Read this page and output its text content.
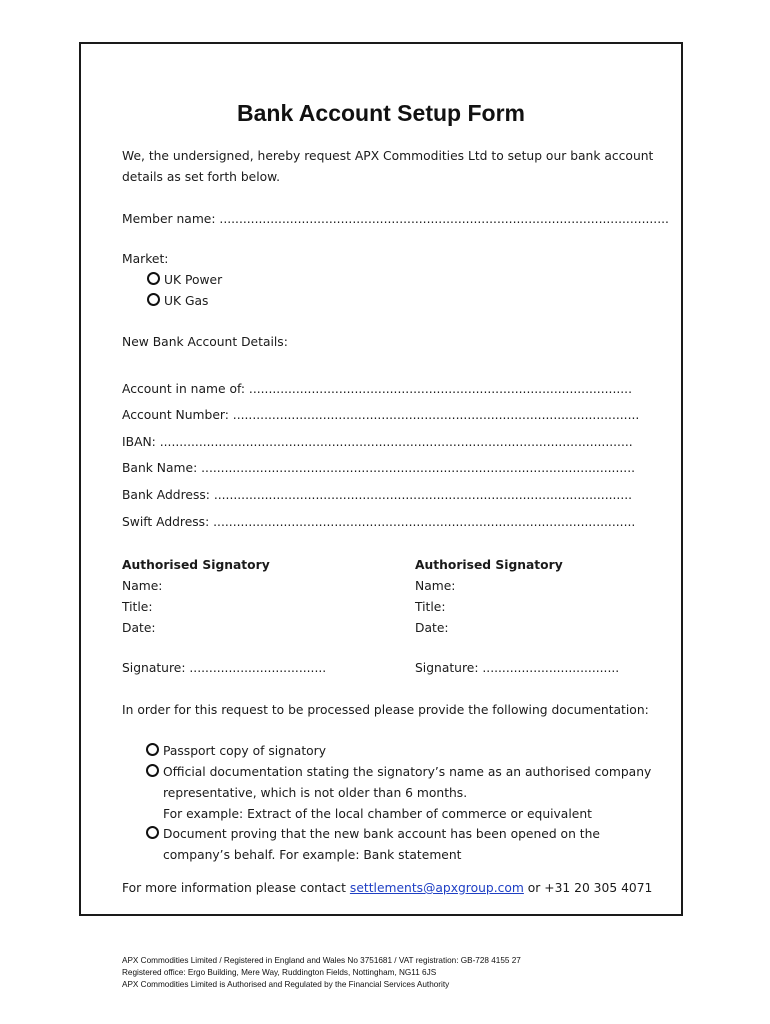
Bank Account Setup Form
We, the undersigned, hereby request APX Commodities Ltd to setup our bank account
details as set forth below.
Member name: ...................................................................................................................
Market:
UK Power
UK Gas
New Bank Account Details:
Account in name of: ..................................................................................................
Account Number: ........................................................................................................
IBAN: .........................................................................................................................
Bank Name: ...............................................................................................................
Bank Address: ...........................................................................................................
Swift Address: ............................................................................................................
Authorised Signatory
Name:
Title:
Date:
Signature: ...................................
Authorised Signatory
Name:
Title:
Date:
Signature: ...................................
In order for this request to be processed please provide the following documentation:
Passport copy of signatory
Official documentation stating the signatory’s name as an authorised company
representative, which is not older than 6 months.
For example: Extract of the local chamber of commerce or equivalent
Document proving that the new bank account has been opened on the
company’s behalf. For example: Bank statement
For more information please contact settlements@apxgroup.com or +31 20 305 4071
APX Commodities Limited / Registered in England and Wales No 3751681 / VAT registration: GB-728 4155 27
Registered office: Ergo Building, Mere Way, Ruddington Fields, Nottingham, NG11 6JS
APX Commodities Limited is Authorised and Regulated by the Financial Services Authority
